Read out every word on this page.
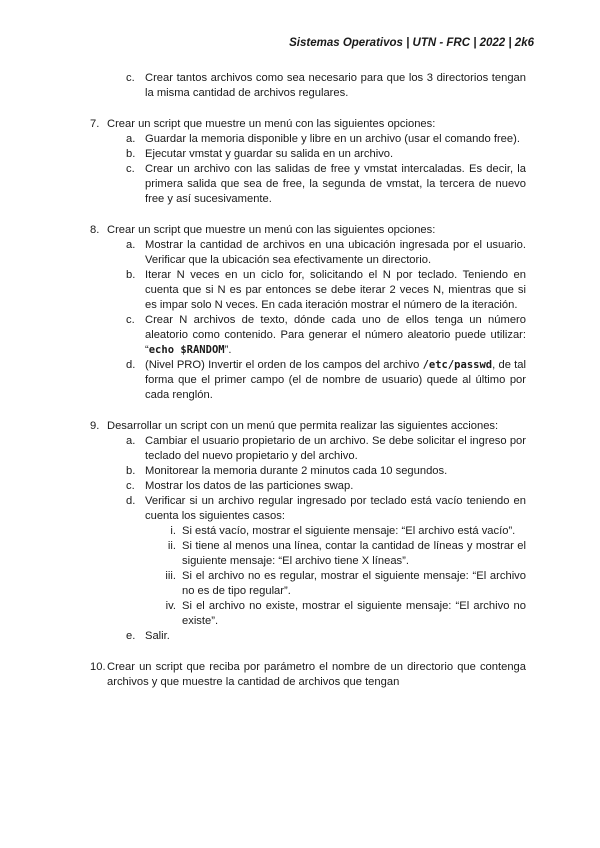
Sistemas Operativos | UTN - FRC | 2022 | 2k6
c. Crear tantos archivos como sea necesario para que los 3 directorios tengan la misma cantidad de archivos regulares.
7. Crear un script que muestre un menú con las siguientes opciones:
a. Guardar la memoria disponible y libre en un archivo (usar el comando free).
b. Ejecutar vmstat y guardar su salida en un archivo.
c. Crear un archivo con las salidas de free y vmstat intercaladas. Es decir, la primera salida que sea de free, la segunda de vmstat, la tercera de nuevo free y así sucesivamente.
8. Crear un script que muestre un menú con las siguientes opciones:
a. Mostrar la cantidad de archivos en una ubicación ingresada por el usuario. Verificar que la ubicación sea efectivamente un directorio.
b. Iterar N veces en un ciclo for, solicitando el N por teclado. Teniendo en cuenta que si N es par entonces se debe iterar 2 veces N, mientras que si es impar solo N veces. En cada iteración mostrar el número de la iteración.
c. Crear N archivos de texto, dónde cada uno de ellos tenga un número aleatorio como contenido. Para generar el número aleatorio puede utilizar: “echo $RANDOM”.
d. (Nivel PRO) Invertir el orden de los campos del archivo /etc/passwd, de tal forma que el primer campo (el de nombre de usuario) quede al último por cada renglón.
9. Desarrollar un script con un menú que permita realizar las siguientes acciones:
a. Cambiar el usuario propietario de un archivo. Se debe solicitar el ingreso por teclado del nuevo propietario y del archivo.
b. Monitorear la memoria durante 2 minutos cada 10 segundos.
c. Mostrar los datos de las particiones swap.
d. Verificar si un archivo regular ingresado por teclado está vacío teniendo en cuenta los siguientes casos:
i. Si está vacío, mostrar el siguiente mensaje: “El archivo está vacío”.
ii. Si tiene al menos una línea, contar la cantidad de líneas y mostrar el siguiente mensaje: “El archivo tiene X líneas”.
iii. Si el archivo no es regular, mostrar el siguiente mensaje: “El archivo no es de tipo regular”.
iv. Si el archivo no existe, mostrar el siguiente mensaje: “El archivo no existe”.
e. Salir.
10. Crear un script que reciba por parámetro el nombre de un directorio que contenga archivos y que muestre la cantidad de archivos que tengan
